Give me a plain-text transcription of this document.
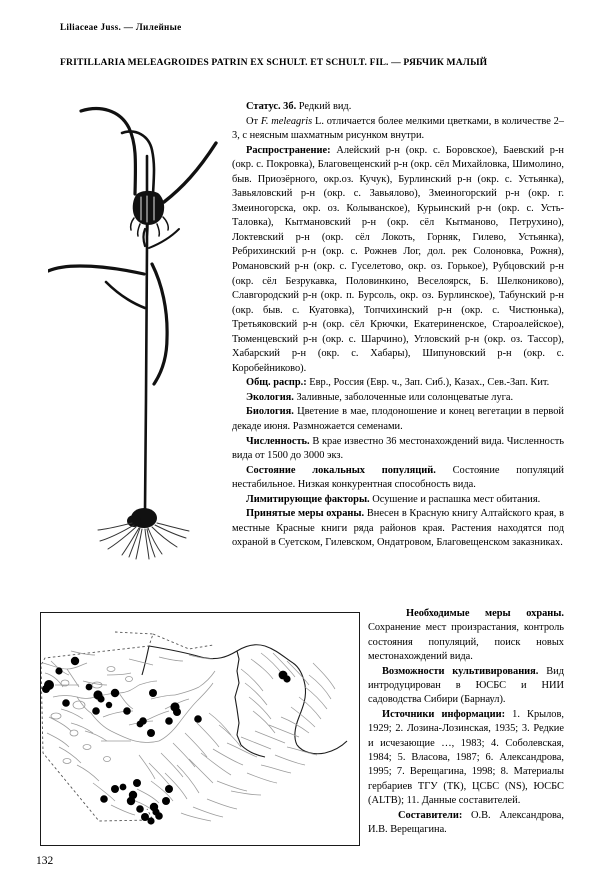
Liliaceae Juss. — Лилейные
FRITILLARIA MELEAGROIDES PATRIN EX SCHULT. ET SCHULT. FIL. — РЯБЧИК МАЛЫЙ

Статус. 3б. Редкий вид.

От F. meleagris L. отличается более мелкими цветками, в количестве 2–3, с неясным шахматным рисунком внутри.

Распространение: Алейский р-н (окр. с. Боровское), Баевский р-н (окр. с. Покровка), Благовещенский р-н (окр. сёл Михайловка, Шимолино, быв. Приозёрного, окр.оз. Кучук), Бурлинский р-н (окр. с. Устьянка), Завьяловский р-н (окр. с. Завьялово), Змеиногорский р-н (окр. г. Змеиногорска, окр. оз. Колыванское), Курьинский р-н (окр. с. Усть-Таловка), Кытмановский р-н (окр. сёл Кытманово, Петрухино), Локтевский р-н (окр. сёл Локоть, Горняк, Гилево, Устьянка), Ребрихинский р-н (окр. с. Рожнев Лог, дол. рек Солоновка, Рожня), Романовский р-н (окр. с. Гуселетово, окр. оз. Горькое), Рубцовский р-н (окр. сёл Безрукавка, Половинкино, Веселоярск, Б. Шелкониково), Славгородский р-н (окр. п. Бурсоль, окр. оз. Бурлинское), Табунский р-н (окр. быв. с. Куатовка), Топчихинский р-н (окр. с. Чистюнька), Третьяковский р-н (окр. сёл Крючки, Екатериненское, Староалейское), Тюменцевский р-н (окр. с. Шарчино), Угловский р-н (окр. оз. Тассор), Хабарский р-н (окр. с. Хабары), Шипуновский р-н (окр. с. Коробейниково).

Общ. распр.: Евр., Россия (Евр. ч., Зап. Сиб.), Казах., Сев.-Зап. Кит.

Экология. Заливные, заболоченные или солонцеватые луга.

Биология. Цветение в мае, плодоношение и конец вегетации в первой декаде июня. Размножается семенами.

Численность. В крае известно 36 местонахождений вида. Численность вида от 1500 до 3000 экз.

Состояние локальных популяций. Состояние популяций нестабильное. Низкая конкурентная способность вида.

Лимитирующие факторы. Осушение и распашка мест обитания.

Принятые меры охраны. Внесен в Красную книгу Алтайского края, в местные Красные книги ряда районов края. Растения находятся под охраной в Суетском, Гилевском, Ондатровом, Благовещенском заказниках.

Необходимые меры охраны. Сохранение мест произрастания, контроль состояния популяций, поиск новых местонахождений вида.

Возможности культивирования. Вид интродуцирован в ЮСБС и НИИ садоводства Сибири (Барнаул).

Источники информации: 1. Крылов, 1929; 2. Лозина-Лозинская, 1935; 3. Редкие и исчезающие …, 1983; 4. Соболевская, 1984; 5. Власова, 1987; 6. Александрова, 1995; 7. Верещагина, 1998; 8. Материалы гербариев ТГУ (ТК), ЦСБС (NS), ЮСБС (ALTB); 11. Данные составителей.

Составители: О.В. Александрова, И.В. Верещагина.

132
